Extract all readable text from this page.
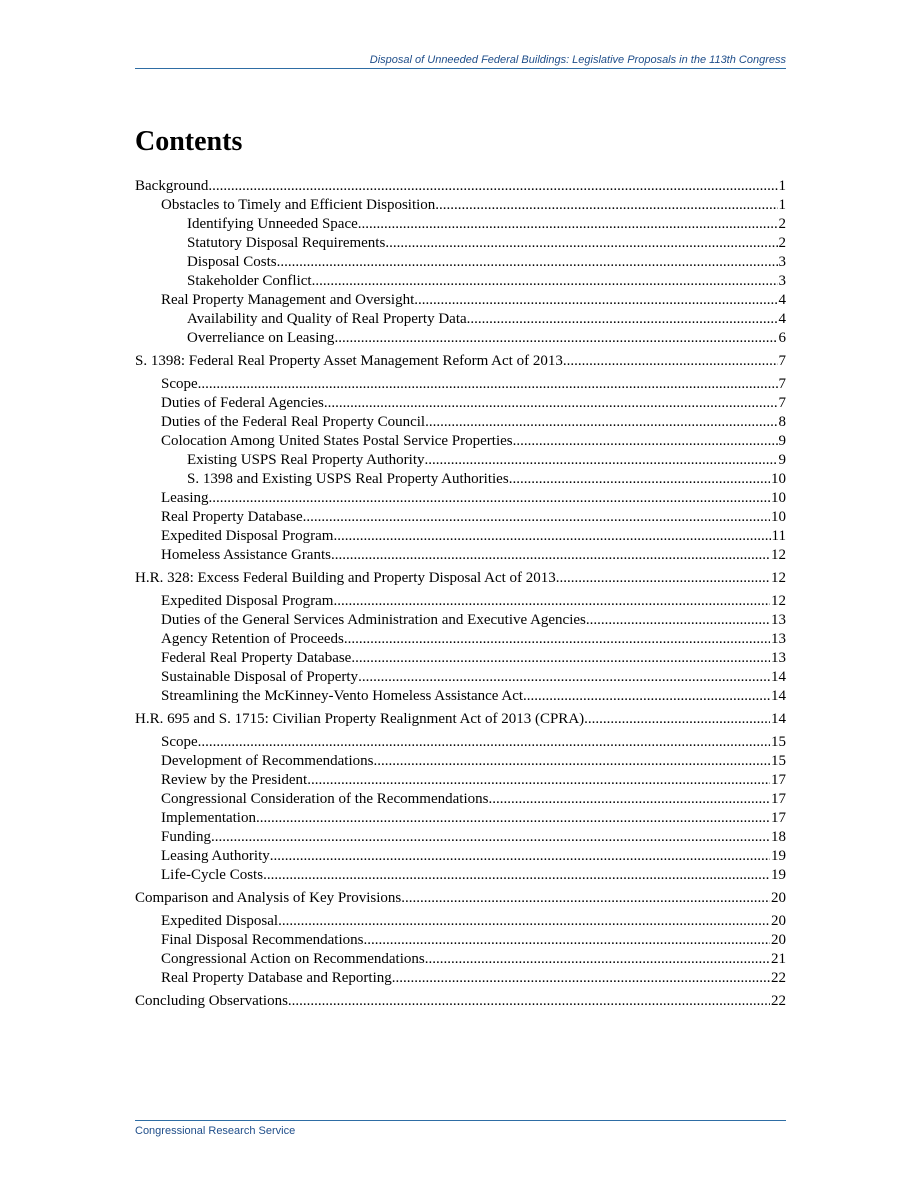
Disposal of Unneeded Federal Buildings: Legislative Proposals in the 113th Congress
Contents
Background .....	1
Obstacles to Timely and Efficient Disposition .....	1
Identifying Unneeded Space .....	2
Statutory Disposal Requirements .....	2
Disposal Costs .....	3
Stakeholder Conflict .....	3
Real Property Management and Oversight .....	4
Availability and Quality of Real Property Data .....	4
Overreliance on Leasing .....	6
S. 1398: Federal Real Property Asset Management Reform Act of 2013 .....	7
Scope .....	7
Duties of Federal Agencies .....	7
Duties of the Federal Real Property Council .....	8
Colocation Among United States Postal Service Properties .....	9
Existing USPS Real Property Authority .....	9
S. 1398 and Existing USPS Real Property Authorities .....	10
Leasing .....	10
Real Property Database .....	10
Expedited Disposal Program .....	11
Homeless Assistance Grants .....	12
H.R. 328: Excess Federal Building and Property Disposal Act of 2013 .....	12
Expedited Disposal Program .....	12
Duties of the General Services Administration and Executive Agencies .....	13
Agency Retention of Proceeds .....	13
Federal Real Property Database .....	13
Sustainable Disposal of Property .....	14
Streamlining the McKinney-Vento Homeless Assistance Act .....	14
H.R. 695 and S. 1715: Civilian Property Realignment Act of 2013 (CPRA) .....	14
Scope .....	15
Development of Recommendations .....	15
Review by the President .....	17
Congressional Consideration of the Recommendations .....	17
Implementation .....	17
Funding .....	18
Leasing Authority .....	19
Life-Cycle Costs .....	19
Comparison and Analysis of Key Provisions .....	20
Expedited Disposal .....	20
Final Disposal Recommendations .....	20
Congressional Action on Recommendations .....	21
Real Property Database and Reporting .....	22
Concluding Observations .....	22
Congressional Research Service
